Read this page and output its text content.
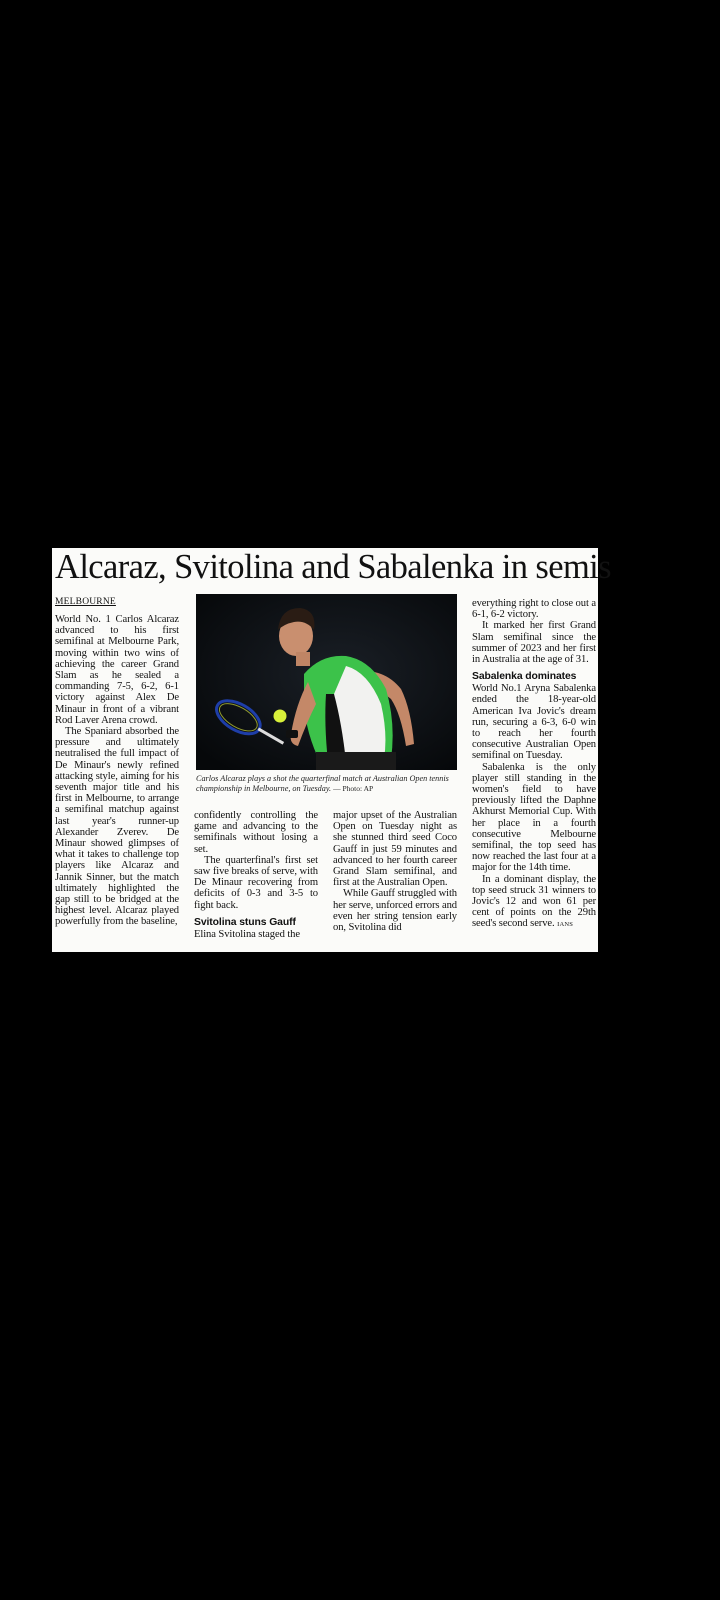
Alcaraz, Svitolina and Sabalenka in semis
MELBOURNE

World No. 1 Carlos Alcaraz advanced to his first semifinal at Melbourne Park, moving within two wins of achieving the career Grand Slam as he sealed a commanding 7-5, 6-2, 6-1 victory against Alex De Minaur in front of a vibrant Rod Laver Arena crowd.

The Spaniard absorbed the pressure and ultimately neutralised the full impact of De Minaur's newly refined attacking style, aiming for his seventh major title and his first in Melbourne, to arrange a semifinal matchup against last year's runner-up Alexander Zverev. De Minaur showed glimpses of what it takes to challenge top players like Alcaraz and Jannik Sinner, but the match ultimately highlighted the gap still to be bridged at the highest level. Alcaraz played powerfully from the baseline,

Carlos Alcaraz plays a shot the quarterfinal match at Australian Open tennis championship in Melbourne, on Tuesday. — Photo: AP

confidently controlling the game and advancing to the semifinals without losing a set.

The quarterfinal's first set saw five breaks of serve, with De Minaur recovering from deficits of 0-3 and 3-5 to fight back.

Svitolina stuns Gauff

Elina Svitolina staged the

major upset of the Australian Open on Tuesday night as she stunned third seed Coco Gauff in just 59 minutes and advanced to her fourth career Grand Slam semifinal, and first at the Australian Open.

While Gauff struggled with her serve, unforced errors and even her string tension early on, Svitolina did

everything right to close out a 6-1, 6-2 victory.

It marked her first Grand Slam semifinal since the summer of 2023 and her first in Australia at the age of 31.

Sabalenka dominates

World No.1 Aryna Sabalenka ended the 18-year-old American Iva Jovic's dream run, securing a 6-3, 6-0 win to reach her fourth consecutive Australian Open semifinal on Tuesday.

Sabalenka is the only player still standing in the women's field to have previously lifted the Daphne Akhurst Memorial Cup. With her place in a fourth consecutive Melbourne semifinal, the top seed has now reached the last four at a major for the 14th time.

In a dominant display, the top seed struck 31 winners to Jovic's 12 and won 61 per cent of points on the 29th seed's second serve. IANS
